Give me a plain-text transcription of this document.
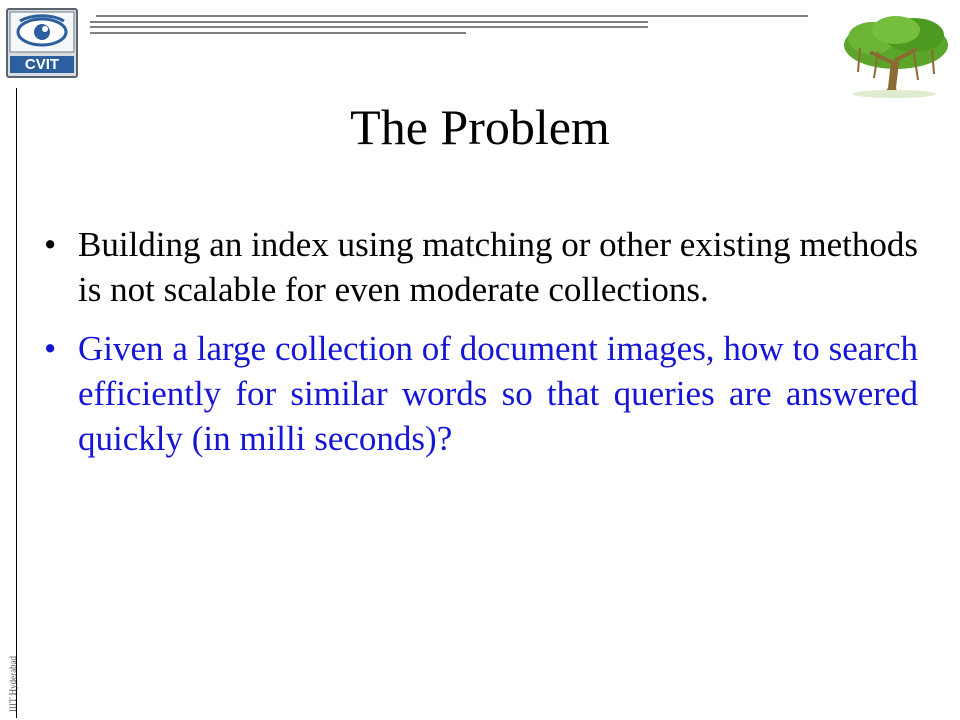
CVIT
IIIT Hyderabad
The Problem
• Building an index using matching or other existing methods is not scalable for even moderate collections.
• Given a large collection of document images, how to search efficiently for similar words so that queries are answered quickly (in milli seconds)?
